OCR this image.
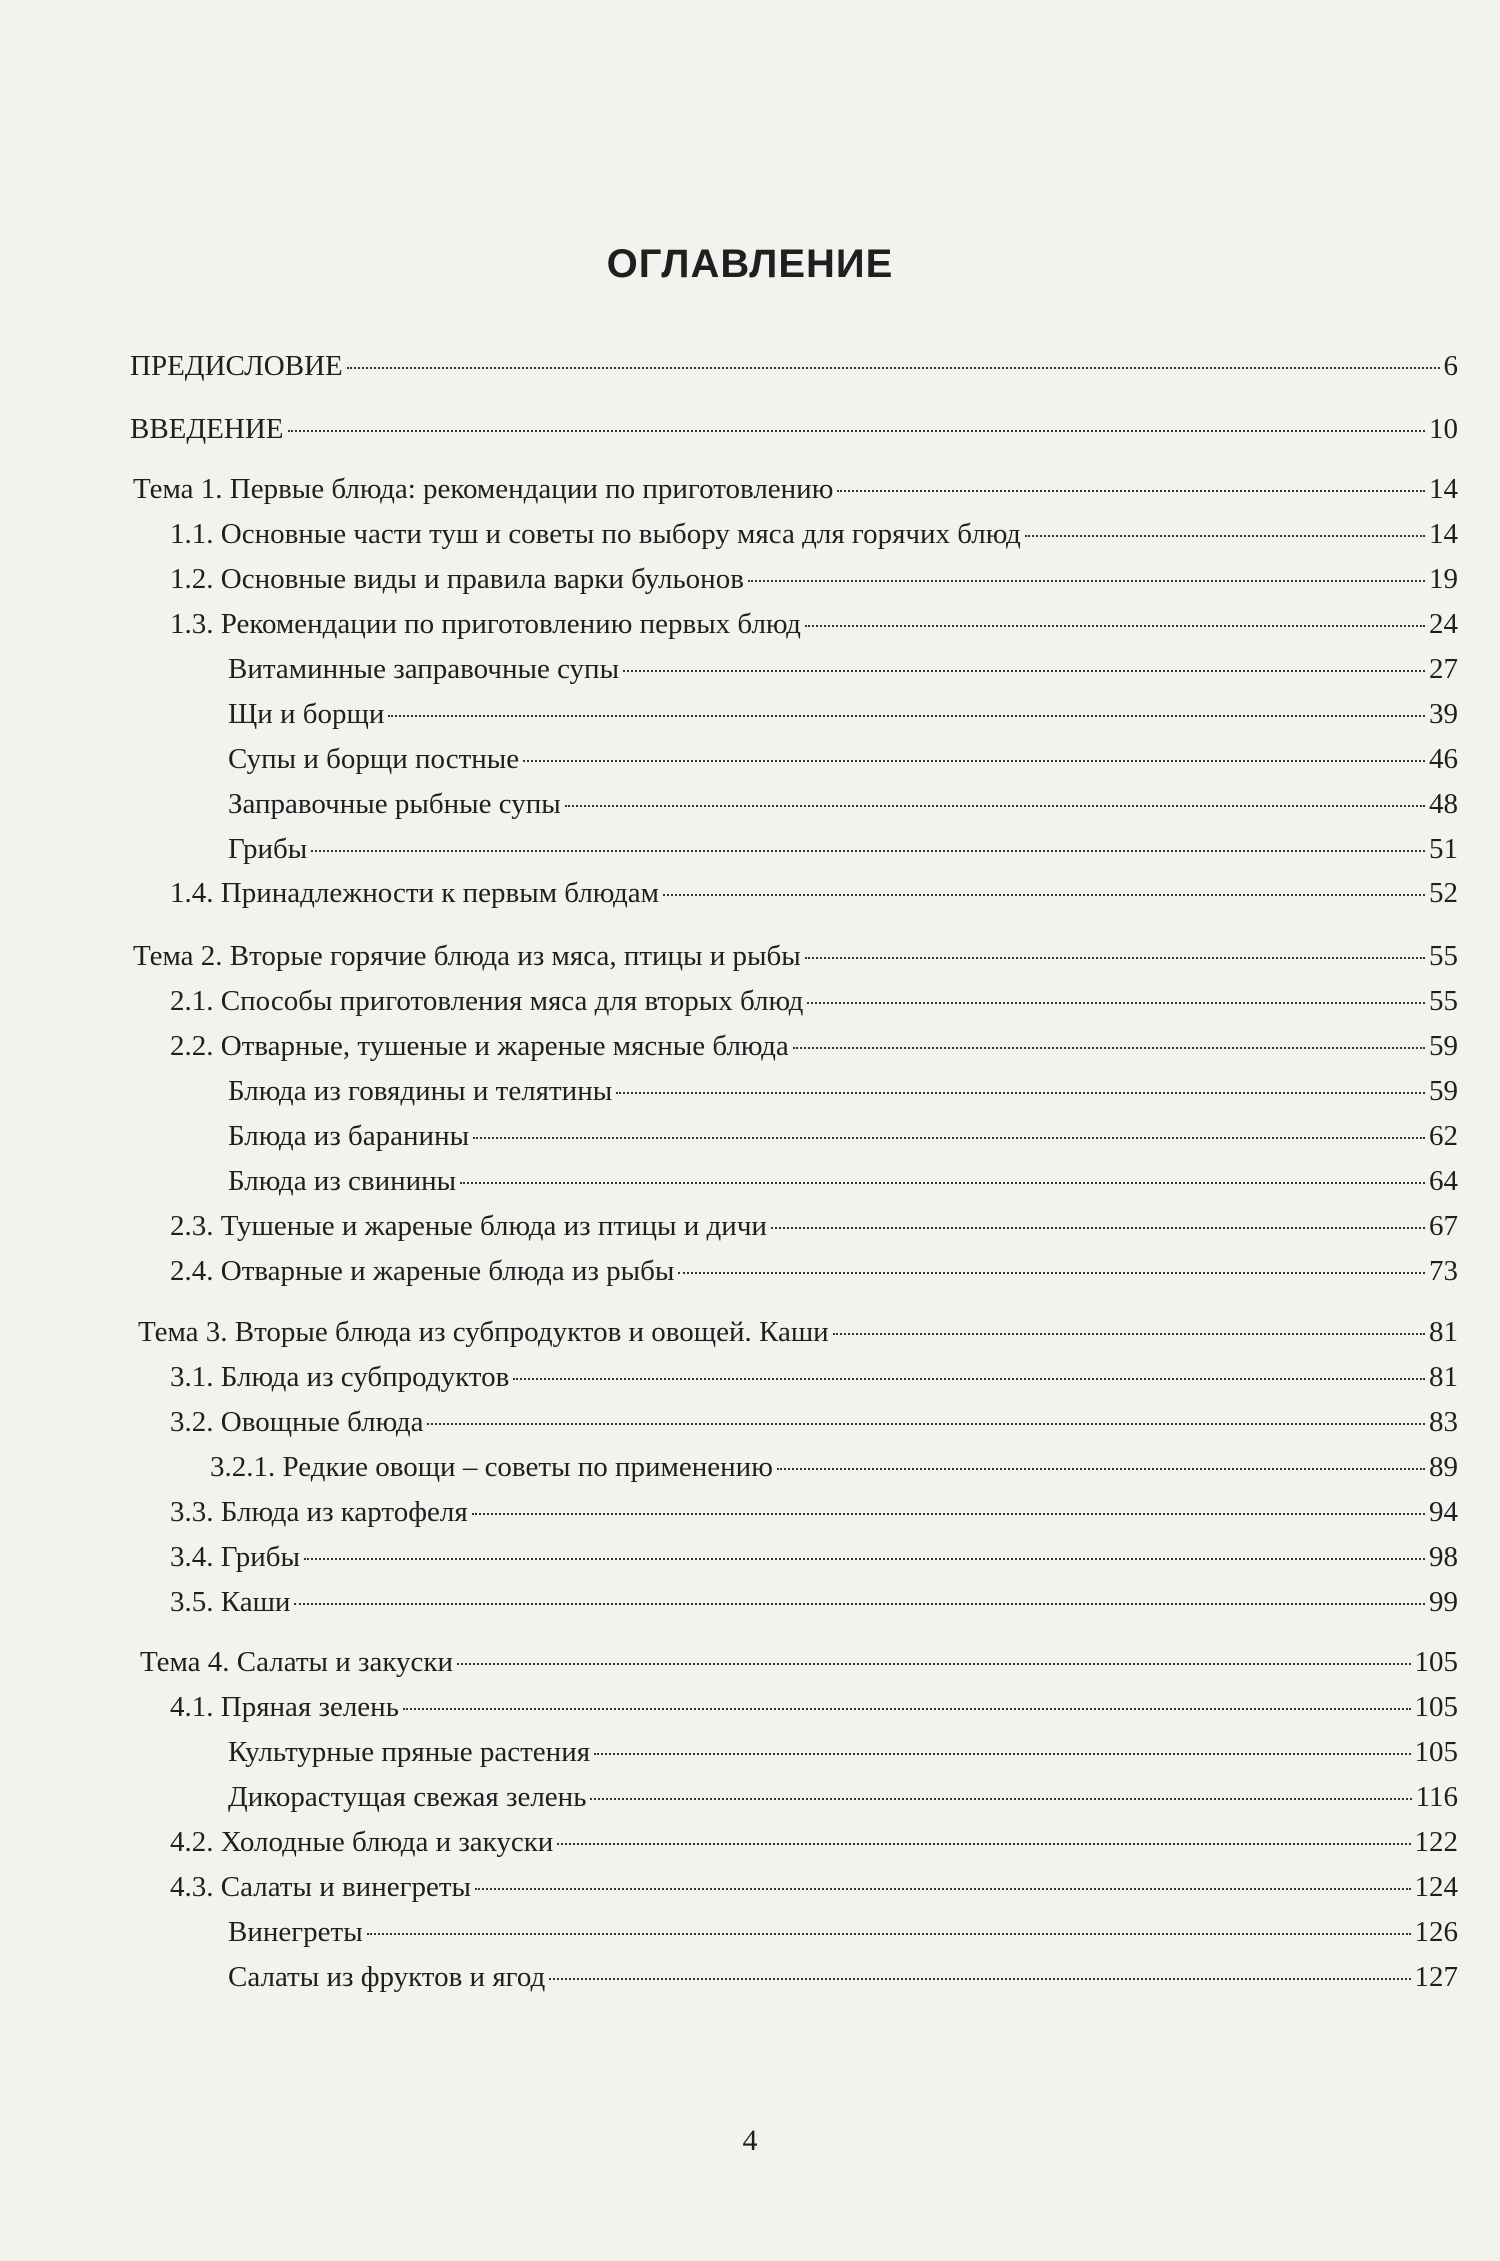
ОГЛАВЛЕНИЕ
ПРЕДИСЛОВИЕ	6
ВВЕДЕНИЕ	10
Тема 1. Первые блюда: рекомендации по приготовлению	14
1.1. Основные части туш и советы по выбору мяса для горячих блюд	14
1.2. Основные виды и правила варки бульонов	19
1.3. Рекомендации по приготовлению первых блюд	24
Витаминные заправочные супы	27
Щи и борщи	39
Супы и борщи постные	46
Заправочные рыбные супы	48
Грибы	51
1.4. Принадлежности к первым блюдам	52
Тема 2. Вторые горячие блюда из мяса, птицы и рыбы	55
2.1. Способы приготовления мяса для вторых блюд	55
2.2. Отварные, тушеные и жареные мясные блюда	59
Блюда из говядины и телятины	59
Блюда из баранины	62
Блюда из свинины	64
2.3. Тушеные и жареные блюда из птицы и дичи	67
2.4. Отварные и жареные блюда из рыбы	73
Тема 3. Вторые блюда из субпродуктов и овощей. Каши	81
3.1. Блюда из субпродуктов	81
3.2. Овощные блюда	83
3.2.1. Редкие овощи – советы по применению	89
3.3. Блюда из картофеля	94
3.4. Грибы	98
3.5. Каши	99
Тема 4. Салаты и закуски	105
4.1. Пряная зелень	105
Культурные пряные растения	105
Дикорастущая свежая зелень	116
4.2. Холодные блюда и закуски	122
4.3. Салаты и винегреты	124
Винегреты	126
Салаты из фруктов и ягод	127
4
